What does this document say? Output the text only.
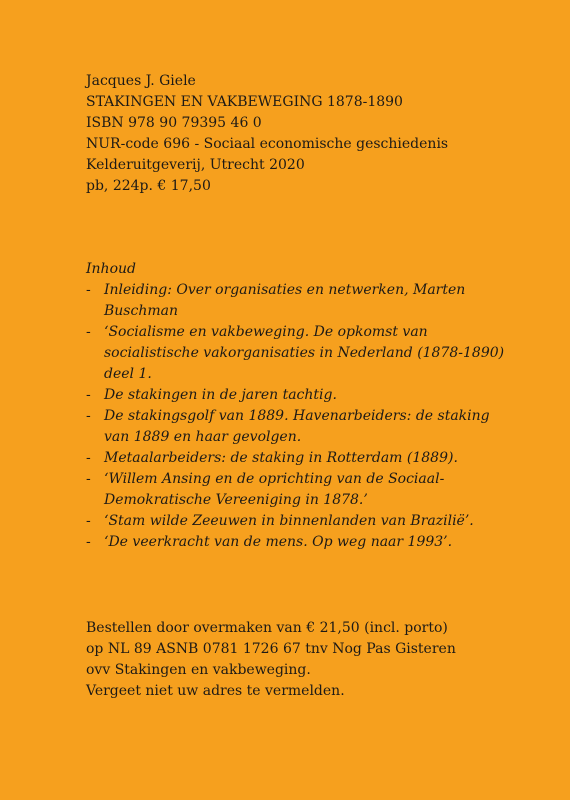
Jacques J. Giele
STAKINGEN EN VAKBEWEGING 1878-1890
ISBN 978 90 79395 46 0
NUR-code 696 - Sociaal economische geschiedenis
Kelderuitgeverij, Utrecht 2020
pb, 224p. € 17,50
Inhoud
- Inleiding: Over organisaties en netwerken, Marten Buschman
- ‘Socialisme en vakbeweging. De opkomst van socialistische vakorganisaties in Nederland (1878-1890) deel 1.
- De stakingen in de jaren tachtig.
- De stakingsgolf van 1889. Havenarbeiders: de staking van 1889 en haar gevolgen.
- Metaalarbeiders: de staking in Rotterdam (1889).
- ‘Willem Ansing en de oprichting van de Sociaal-Demokratische Vereeniging in 1878.’
- ‘Stam wilde Zeeuwen in binnenlanden van Brazilië’.
- ‘De veerkracht van de mens. Op weg naar 1993’.
Bestellen door overmaken van € 21,50 (incl. porto)
op NL 89 ASNB 0781 1726 67 tnv Nog Pas Gisteren
ovv Stakingen en vakbeweging.
Vergeet niet uw adres te vermelden.
